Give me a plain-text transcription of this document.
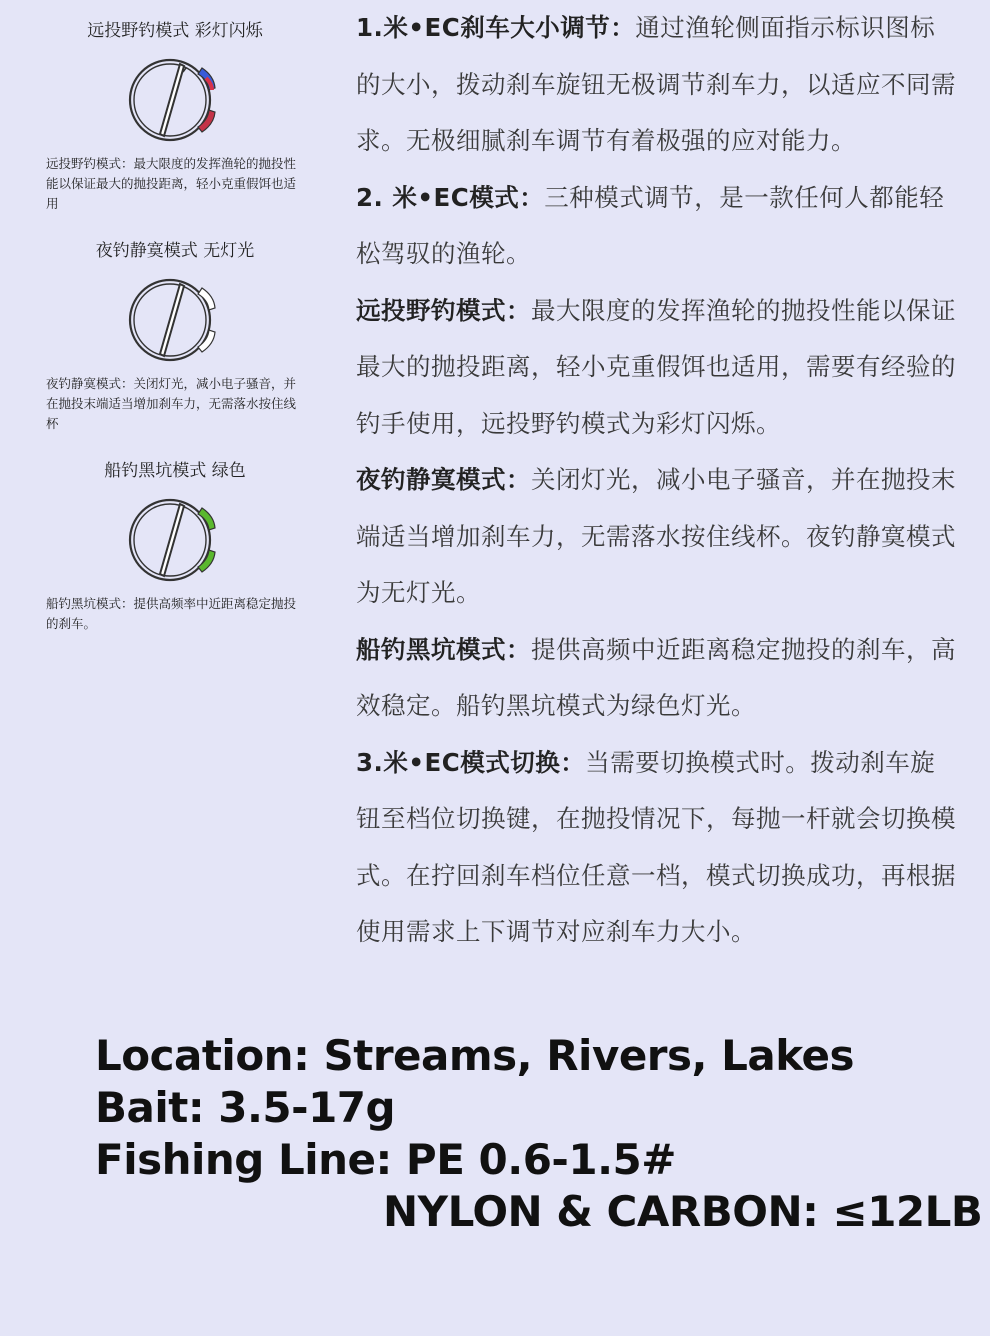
远投野钓模式 彩灯闪烁
远投野钓模式：最大限度的发挥渔轮的抛投性能以保证最大的抛投距离，轻小克重假饵也适用
夜钓静寞模式 无灯光
夜钓静寞模式：关闭灯光，减小电子骚音，并在抛投末端适当增加刹车力，无需落水按住线杯
船钓黑坑模式 绿色
船钓黑坑模式：提供高频率中近距离稳定抛投的刹车。

1.米•EC刹车大小调节：通过渔轮侧面指示标识图标的大小，拨动刹车旋钮无极调节刹车力，以适应不同需求。无极细腻刹车调节有着极强的应对能力。

2. 米•EC模式：三种模式调节，是一款任何人都能轻松驾驭的渔轮。

远投野钓模式：最大限度的发挥渔轮的抛投性能以保证最大的抛投距离，轻小克重假饵也适用，需要有经验的钓手使用，远投野钓模式为彩灯闪烁。

夜钓静寞模式：关闭灯光，减小电子骚音，并在抛投末端适当增加刹车力，无需落水按住线杯。夜钓静寞模式为无灯光。

船钓黑坑模式：提供高频中近距离稳定抛投的刹车，高效稳定。船钓黑坑模式为绿色灯光。

3.米•EC模式切换：当需要切换模式时。拨动刹车旋钮至档位切换键，在抛投情况下，每抛一杆就会切换模式。在拧回刹车档位任意一档，模式切换成功，再根据使用需求上下调节对应刹车力大小。

Location: Streams, Rivers, Lakes
Bait: 3.5-17g
Fishing Line: PE 0.6-1.5#
NYLON & CARBON: ≤12LB
